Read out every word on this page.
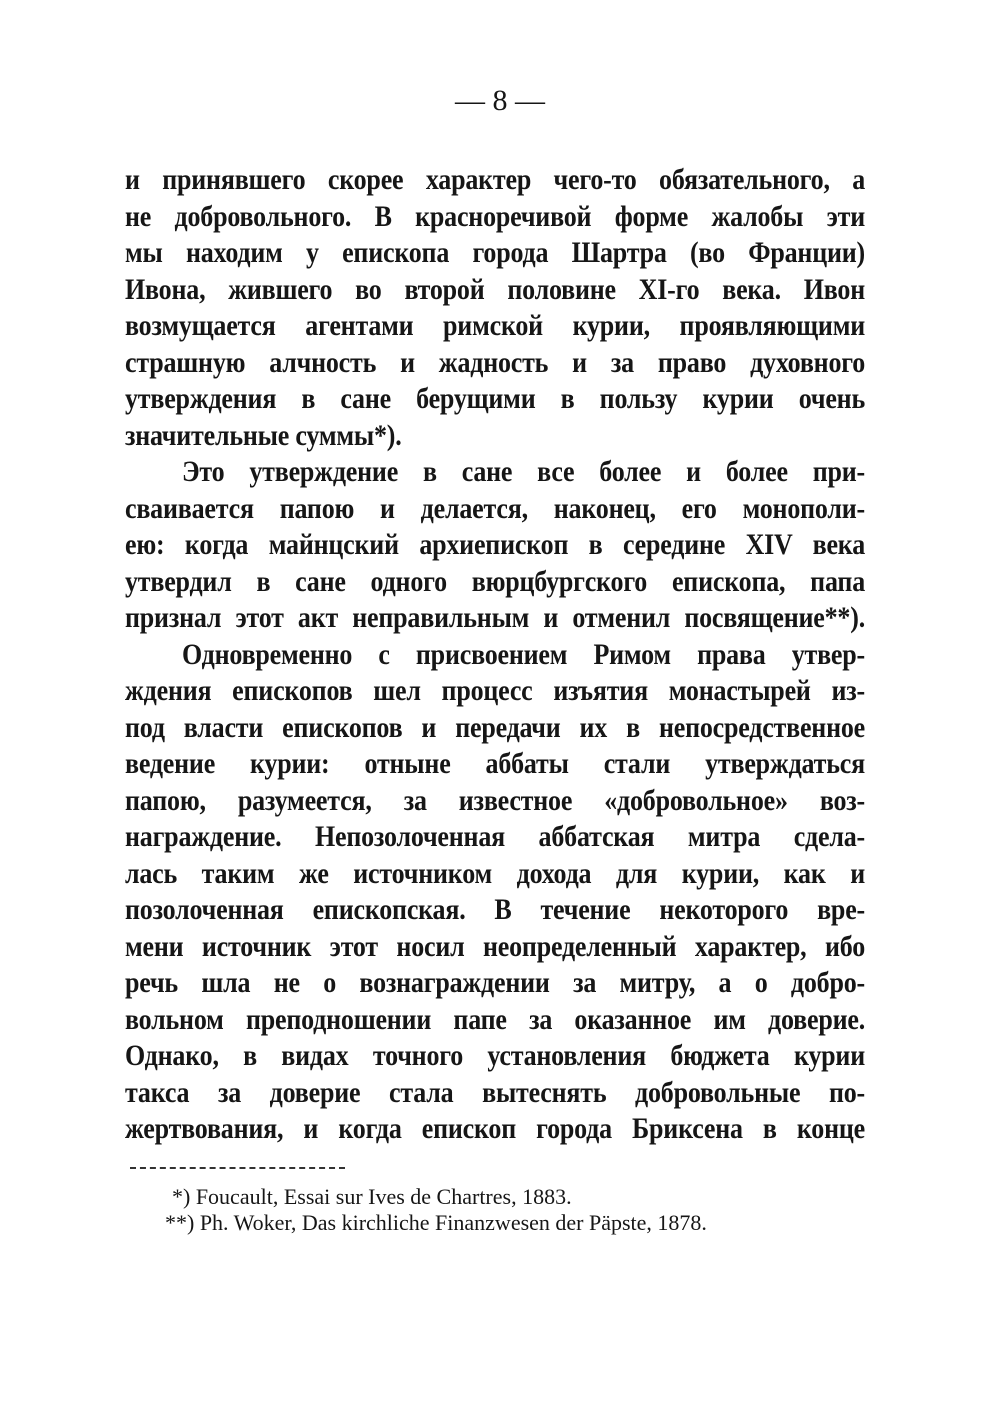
— 8 —
и принявшего скорее характер чего-то обязательного, а
не добровольного. В красноречивой форме жалобы эти
мы находим у епископа города Шартра (во Франции)
Ивона, жившего во второй половине XI-го века. Ивон
возмущается агентами римской курии, проявляющими
страшную алчность и жадность и за право духовного
утверждения в сане берущими в пользу курии очень
значительные суммы*).
Это утверждение в сане все более и более при-
сваивается папою и делается, наконец, его монополи-
ею: когда майнцский архиепископ в середине XIV века
утвердил в сане одного вюрцбургского епископа, папа
признал этот акт неправильным и отменил посвящение**).
Одновременно с присвоением Римом права утвер-
ждения епископов шел процесс изъятия монастырей из-
под власти епископов и передачи их в непосредственное
ведение курии: отныне аббаты стали утверждаться
папою, разумеется, за известное «добровольное» воз-
награждение. Непозолоченная аббатская митра сдела-
лась таким же источником дохода для курии, как и
позолоченная епископская. В течение некоторого вре-
мени источник этот носил неопределенный характер, ибо
речь шла не о вознаграждении за митру, а о добро-
вольном преподношении папе за оказанное им доверие.
Однако, в видах точного установления бюджета курии
такса за доверие стала вытеснять добровольные по-
жертвования, и когда епископ города Бриксена в конце
*) Foucault, Essai sur Ives de Chartres, 1883.
**) Ph. Woker, Das kirchliche Finanzwesen der Päpste, 1878.
